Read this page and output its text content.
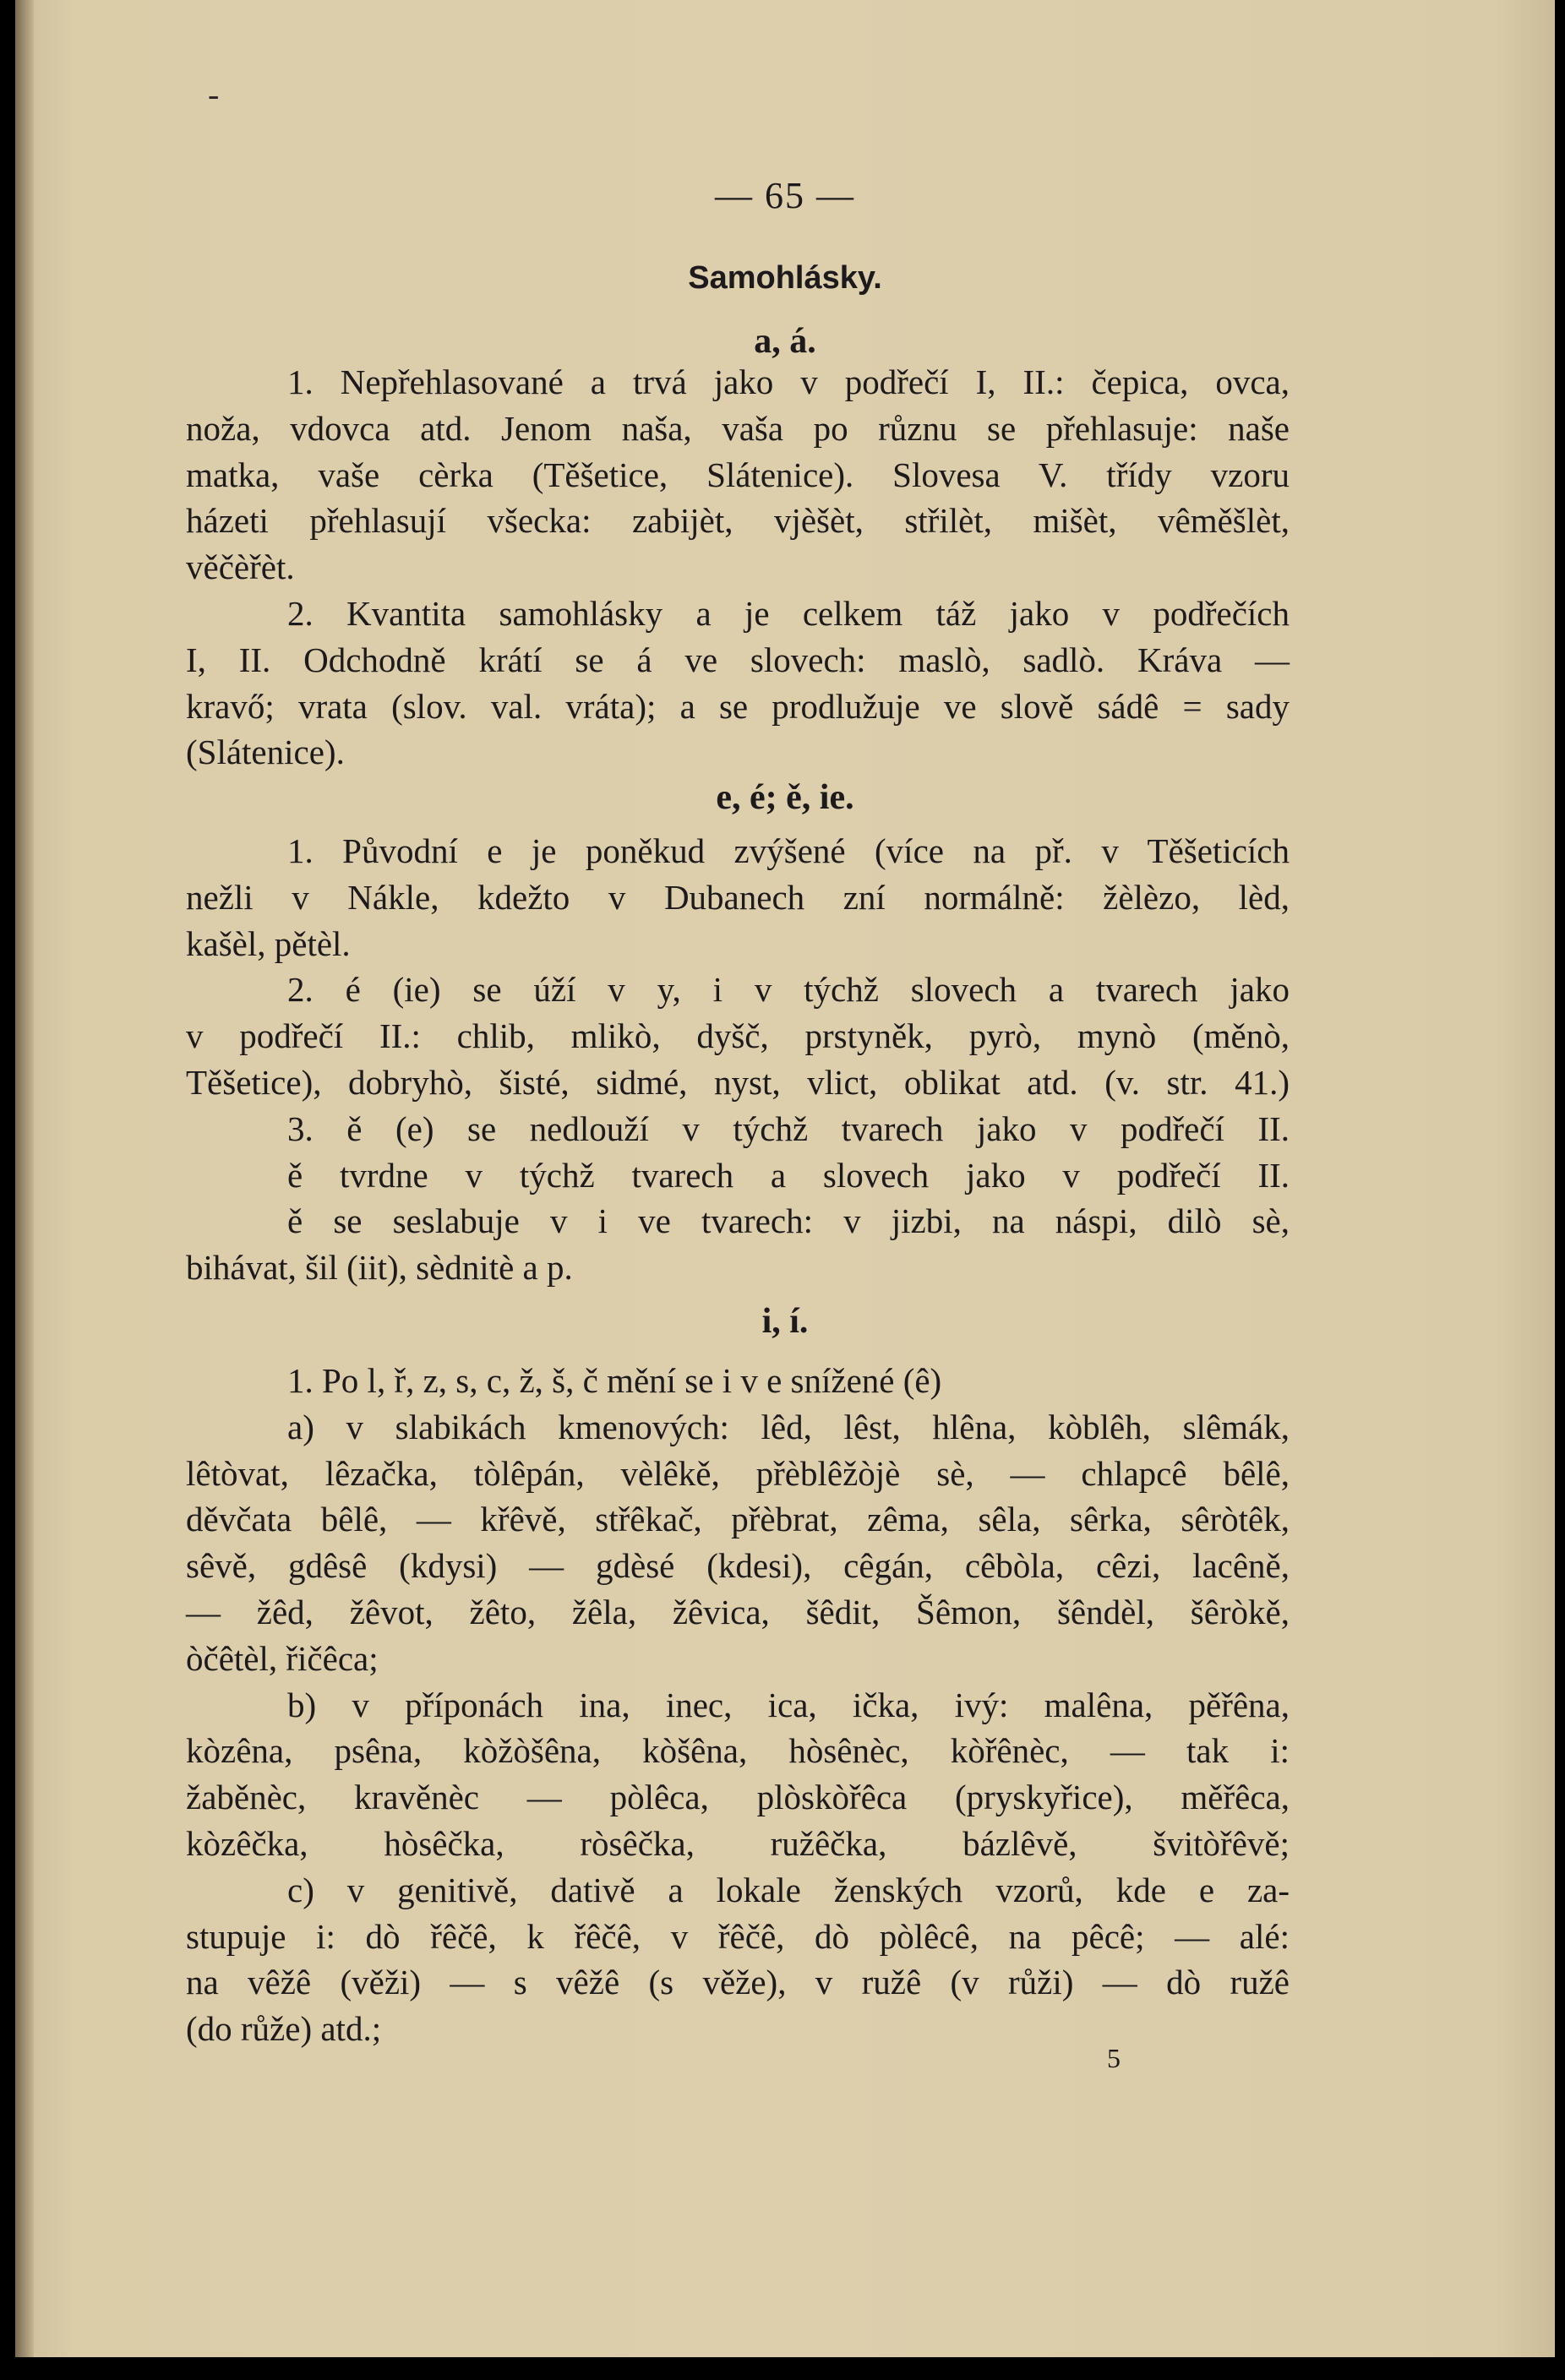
-
— 65 —
Samohlásky.
a, á.

1. Nepřehlasované a trvá jako v podřečí I, II.: čepica, ovca,

noža, vdovca atd. Jenom naša, vaša po různu se přehlasuje: naše

matka, vaše cèrka (Těšetice, Slátenice). Slovesa V. třídy vzoru

házeti přehlasují všecka: zabijèt, vjèšèt, střilèt, mišèt, vêměšlèt,

věčèřèt.

2. Kvantita samohlásky a je celkem táž jako v podřečích

I, II. Odchodně krátí se á ve slovech: maslò, sadlò. Kráva —

kravő; vrata (slov. val. vráta); a se prodlužuje ve slově sádê = sady

(Slátenice).

e, é; ě, ie.

1. Původní e je poněkud zvýšené (více na př. v Těšeticích

nežli v Nákle, kdežto v Dubanech zní normálně: žèlèzo, lèd,

kašèl, pětèl.

2. é (ie) se úží v y, i v týchž slovech a tvarech jako

v podřečí II.: chlib, mlikò, dyšč, prstyněk, pyrò, mynò (měnò,

Těšetice), dobryhò, šisté, sidmé, nyst, vlict, oblikat atd. (v. str. 41.)

3. ě (e) se nedlouží v týchž tvarech jako v podřečí II.

ě tvrdne v týchž tvarech a slovech jako v podřečí II.

ě se seslabuje v i ve tvarech: v jizbi, na náspi, dilò sè,

bihávat, šil (iit), sèdnitè a p.

i, í.

1. Po l, ř, z, s, c, ž, š, č mění se i v e snížené (ê)

a) v slabikách kmenových: lêd, lêst, hlêna, kòblêh, slêmák,

lêtòvat, lêzačka, tòlêpán, vèlêkě, přèblêžòjè sè, — chlapcê bêlê,

děvčata bêlê, — křêvě, střêkač, přèbrat, zêma, sêla, sêrka, sêròtêk,

sêvě, gdêsê (kdysi) — gdèsé (kdesi), cêgán, cêbòla, cêzi, lacêně,

— žêd, žêvot, žêto, žêla, žêvica, šêdit, Šêmon, šêndèl, šêròkě,

òčêtèl, řičêca;

b) v příponách ina, inec, ica, ička, ivý: malêna, pěřêna,

kòzêna, psêna, kòžòšêna, kòšêna, hòsênèc, kòřênèc, — tak i:

žaběnèc, kravěnèc — pòlêca, plòskòřêca (pryskyřice), měřêca,

kòzêčka, hòsêčka, ròsêčka, ružêčka, bázlêvě, švitòřêvě;

c) v genitivě, dativě a lokale ženských vzorů, kde e za-

stupuje i: dò řêčê, k řêčê, v řêčê, dò pòlêcê, na pêcê; — alé:

na vêžê (věži) — s vêžê (s věže), v ružê (v růži) — dò ružê

(do růže) atd.;

5
